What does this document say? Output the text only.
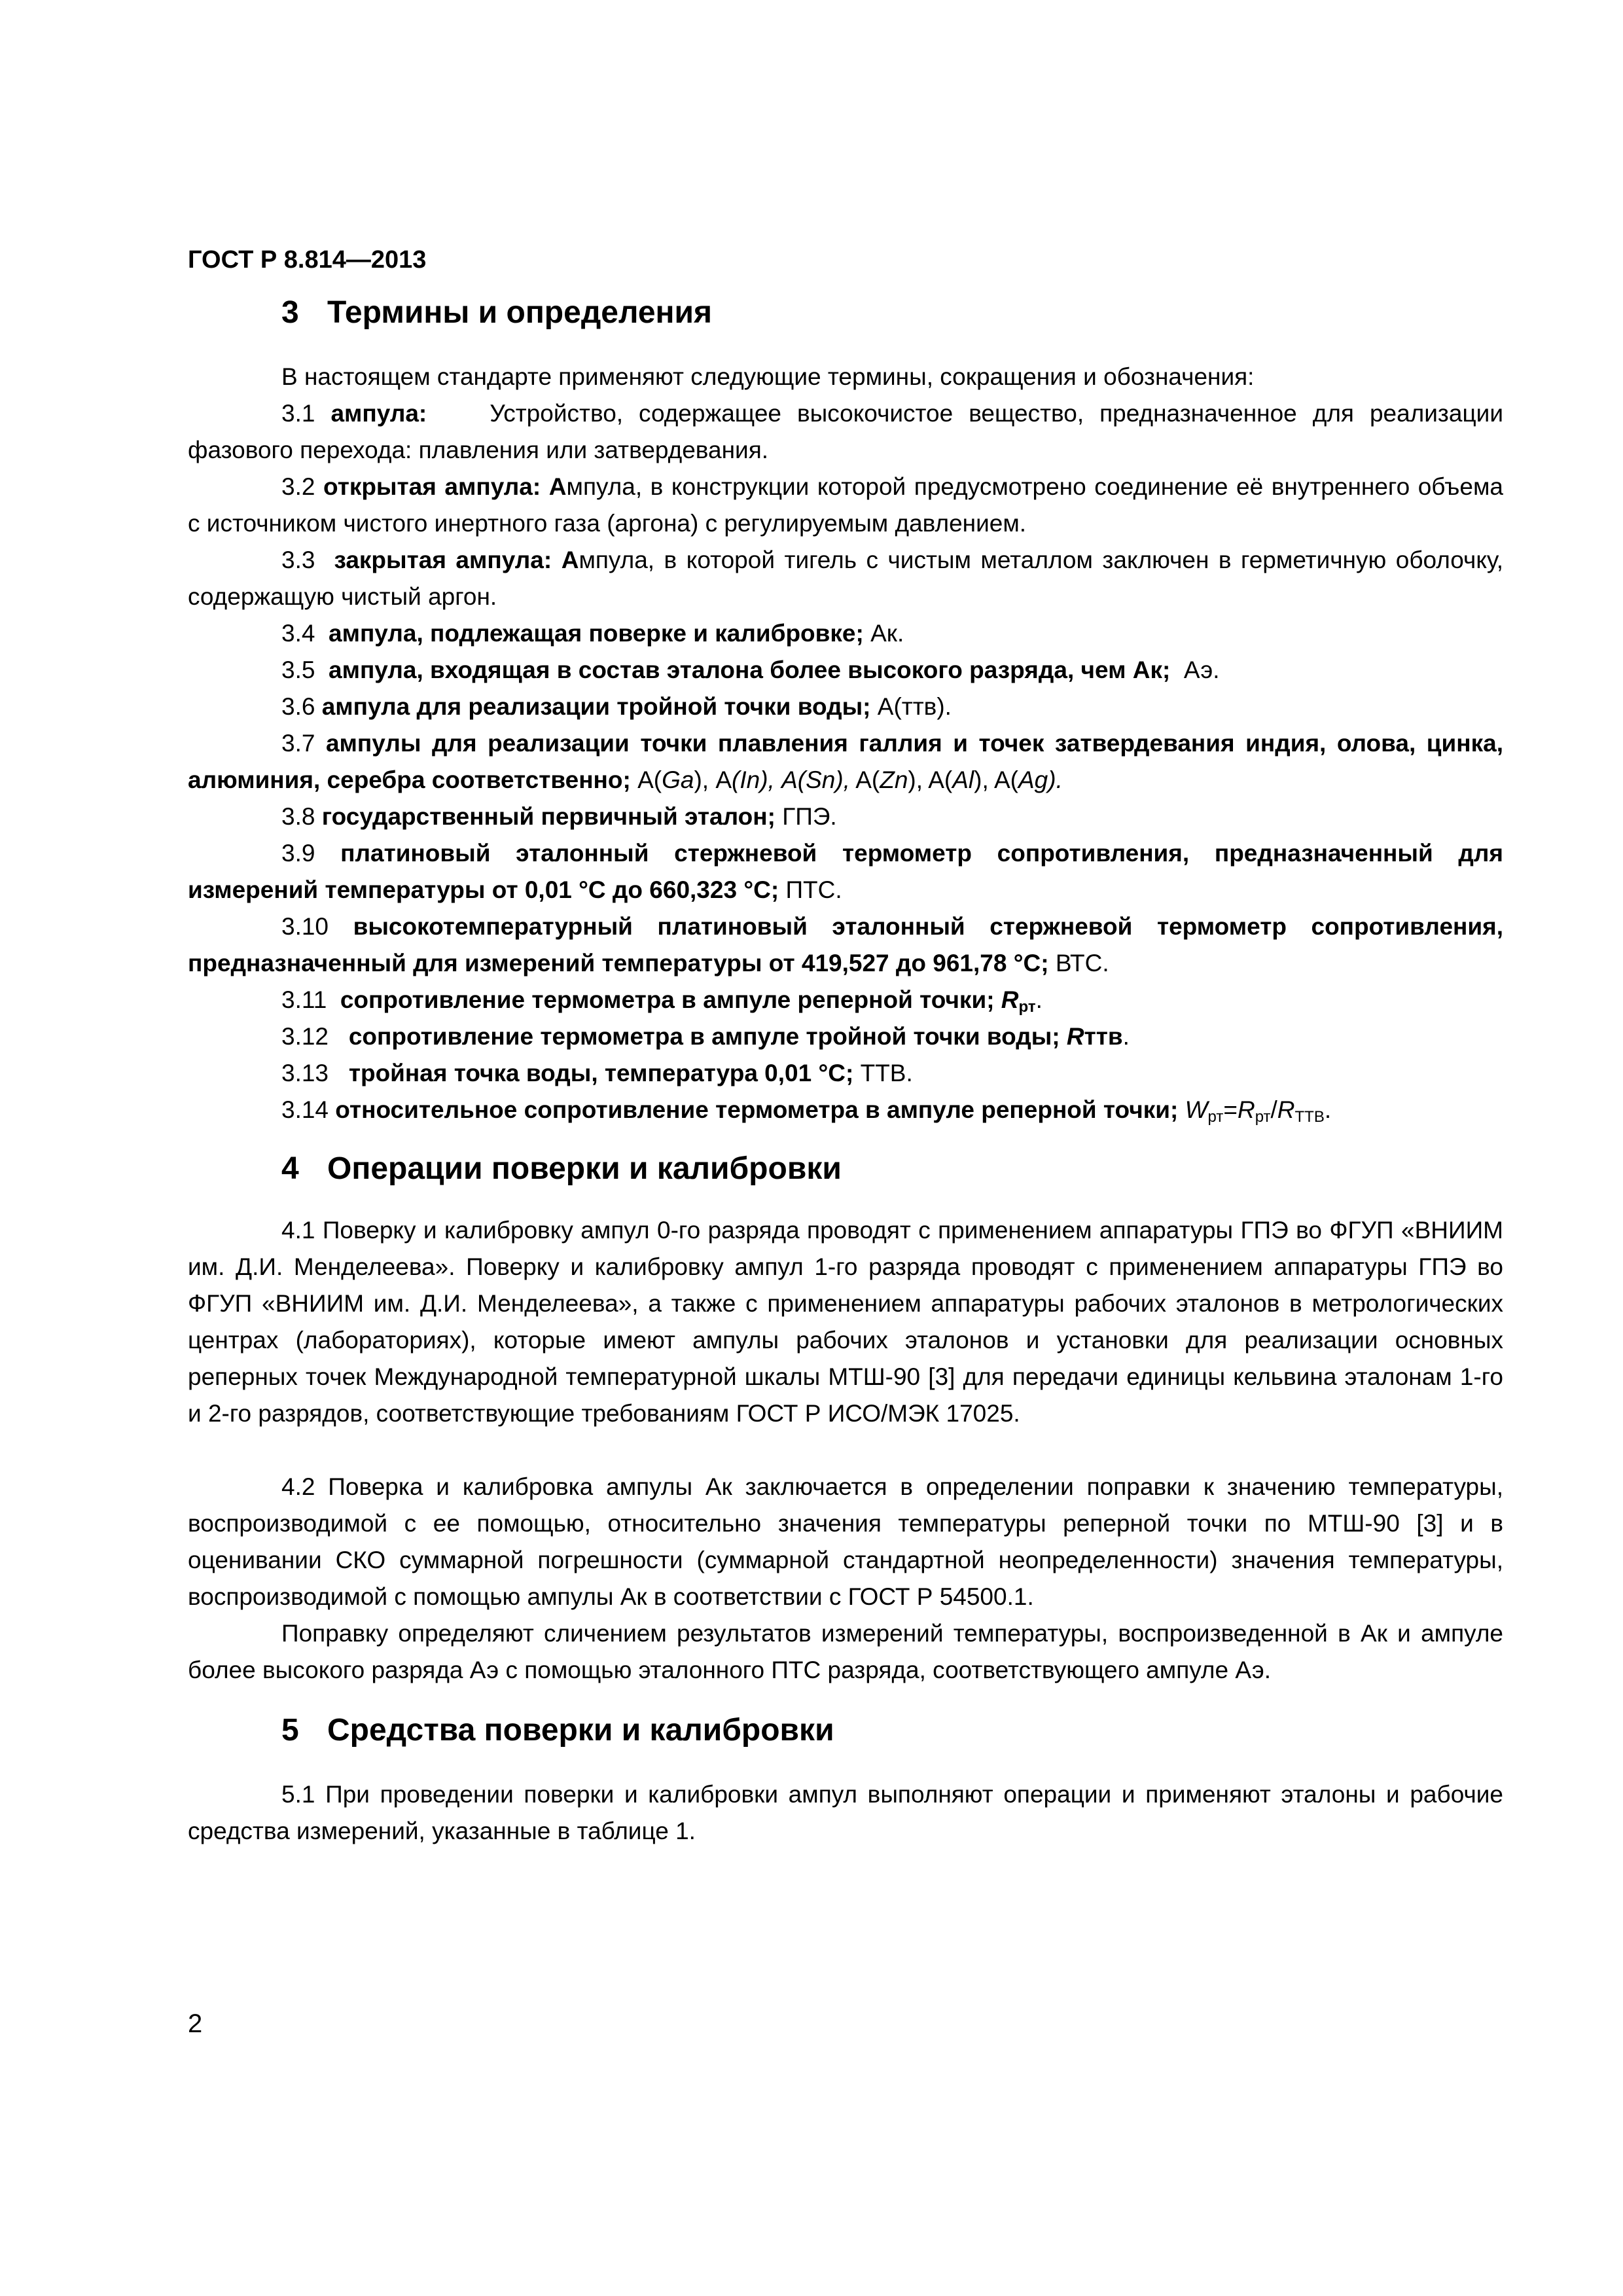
ГОСТ Р 8.814—2013
3 Термины и определения
В настоящем стандарте применяют следующие термины, сокращения и обозначения:

3.1 ампула:	Устройство, содержащее высокочистое вещество, предназначенное для реализации фазового перехода: плавления или затвердевания.

3.2 открытая ампула: Ампула, в конструкции которой предусмотрено соединение её внутреннего объема с источником чистого инертного газа (аргона) с регулируемым давлением.

3.3 закрытая ампула: Ампула, в которой тигель с чистым металлом заключен в герметичную оболочку, содержащую чистый аргон.

3.4 ампула, подлежащая поверке и калибровке; Ак.
3.5 ампула, входящая в состав эталона более высокого разряда, чем Ак; Аэ.
3.6 ампула для реализации тройной точки воды; А(ттв).

3.7 ампулы для реализации точки плавления галлия и точек затвердевания индия, олова, цинка, алюминия, серебра соответственно; А(Ga), А(In), A(Sn), A(Zn), A(Al), A(Ag).

3.8 государственный первичный эталон; ГПЭ.

3.9 платиновый эталонный стержневой термометр сопротивления, предназначенный для измерений температуры от 0,01 °С до 660,323 °С; ПТС.

3.10 высокотемпературный платиновый эталонный стержневой термометр сопротивления, предназначенный для измерений температуры от 419,527 до 961,78 °С; ВТС.

3.11 сопротивление термометра в ампуле реперной точки; $R_{рт}$.
3.12 сопротивление термометра в ампуле тройной точки воды; Rттв.
3.13 тройная точка воды, температура 0,01 °С; ТТВ.
3.14 относительное сопротивление термометра в ампуле реперной точки; $W_{рт}=R_{рт}/R_{ТТВ}$.
4 Операции поверки и калибровки

4.1 Поверку и калибровку ампул 0-го разряда проводят с применением аппаратуры ГПЭ во ФГУП «ВНИИМ им. Д.И. Менделеева». Поверку и калибровку ампул 1-го разряда проводят с применением аппаратуры ГПЭ во ФГУП «ВНИИМ им. Д.И. Менделеева», а также с применением аппаратуры рабочих эталонов в метрологических центрах (лабораториях), которые имеют ампулы рабочих эталонов и установки для реализации основных реперных точек Международной температурной шкалы МТШ-90 [3] для передачи единицы кельвина эталонам 1-го и 2-го разрядов, соответствующие требованиям ГОСТ Р ИСО/МЭК 17025.

4.2 Поверка и калибровка ампулы Ак заключается в определении поправки к значению температуры, воспроизводимой с ее помощью, относительно значения температуры реперной точки по МТШ-90 [3] и в оценивании СКО суммарной погрешности (суммарной стандартной неопределенности) значения температуры, воспроизводимой с помощью ампулы Ак в соответствии с ГОСТ Р 54500.1.

Поправку определяют сличением результатов измерений температуры, воспроизведенной в Ак и ампуле более высокого разряда Аэ с помощью эталонного ПТС разряда, соответствующего ампуле Аэ.

5 Средства поверки и калибровки

5.1 При проведении поверки и калибровки ампул выполняют операции и применяют эталоны и рабочие средства измерений, указанные в таблице 1.

2
